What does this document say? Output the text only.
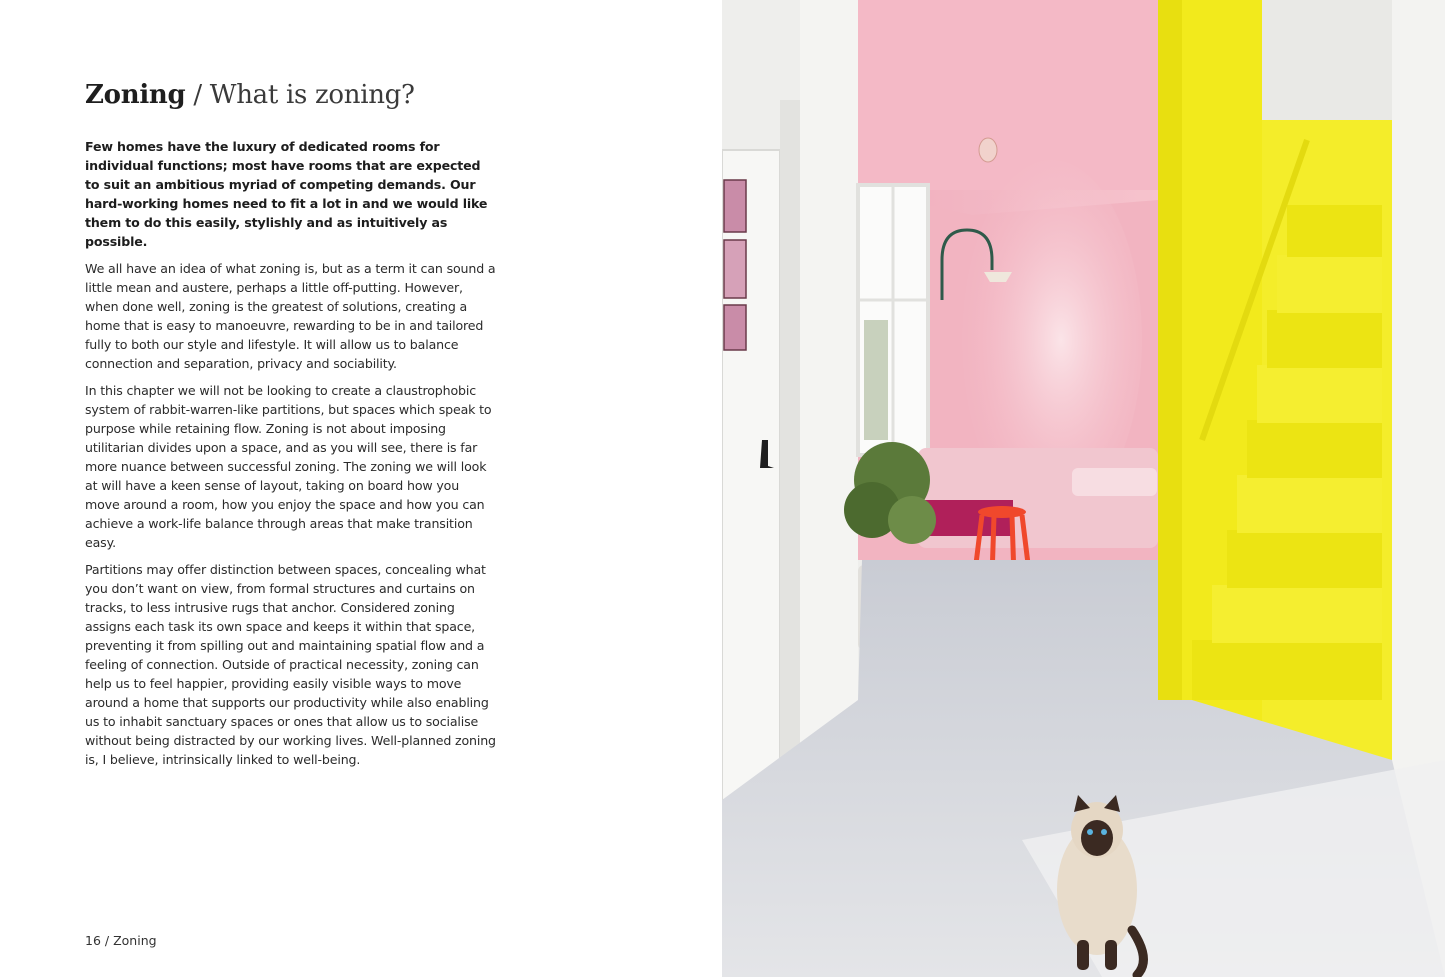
Zoning / What is zoning?

Few homes have the luxury of dedicated rooms for individual functions; most have rooms that are expected to suit an ambitious myriad of competing demands. Our hard-working homes need to fit a lot in and we would like them to do this easily, stylishly and as intuitively as possible.

We all have an idea of what zoning is, but as a term it can sound a little mean and austere, perhaps a little off-putting. However, when done well, zoning is the greatest of solutions, creating a home that is easy to manoeuvre, rewarding to be in and tailored fully to both our style and lifestyle. It will allow us to balance connection and separation, privacy and sociability.

In this chapter we will not be looking to create a claustrophobic system of rabbit-warren-like partitions, but spaces which speak to purpose while retaining flow. Zoning is not about imposing utilitarian divides upon a space, and as you will see, there is far more nuance between successful zoning. The zoning we will look at will have a keen sense of layout, taking on board how you move around a room, how you enjoy the space and how you can achieve a work-life balance through areas that make transition easy.

Partitions may offer distinction between spaces, concealing what you don’t want on view, from formal structures and curtains on tracks, to less intrusive rugs that anchor. Considered zoning assigns each task its own space and keeps it within that space, preventing it from spilling out and maintaining spatial flow and a feeling of connection. Outside of practical necessity, zoning can help us to feel happier, providing easily visible ways to move around a home that supports our productivity while also enabling us to inhabit sanctuary spaces or ones that allow us to socialise without being distracted by our working lives. Well-planned zoning is, I believe, intrinsically linked to well-being.

16 / Zoning
